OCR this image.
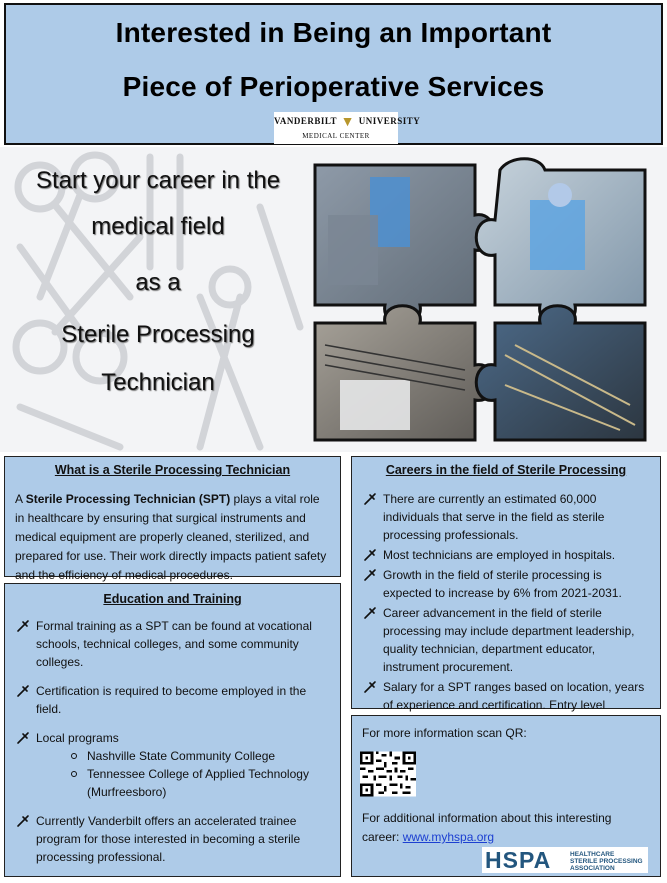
Interested in Being an Important
Piece of Perioperative Services
VANDERBILT ▼ UNIVERSITY
MEDICAL CENTER
Start your career in the
medical field
as a
Sterile Processing
Technician
What is a Sterile Processing Technician

A Sterile Processing Technician (SPT) plays a vital role in healthcare by ensuring that surgical instruments and medical equipment are properly cleaned, sterilized, and prepared for use. Their work directly impacts patient safety and the efficiency of medical procedures.

Education and Training
Formal training as a SPT can be found at vocational schools, technical colleges, and some community colleges.
Certification is required to become employed in the field.
Local programs
Nashville State Community College
Tennessee College of Applied Technology (Murfreesboro)
Currently Vanderbilt offers an accelerated trainee program for those interested in becoming a sterile processing professional.
Careers in the field of Sterile Processing
There are currently an estimated 60,000 individuals that serve in the field as sterile processing professionals.
Most technicians are employed in hospitals.
Growth in the field of sterile processing is expected to increase by 6% from 2021-2031.
Career advancement in the field of sterile processing may include department leadership, quality technician, department educator, instrument procurement.
Salary for a SPT ranges based on location, years of experience and certification. Entry level
For more information scan QR:

For additional information about this interesting career: www.myhspa.org

HSPA	HEALTHCARE
STERILE PROCESSING
ASSOCIATION
